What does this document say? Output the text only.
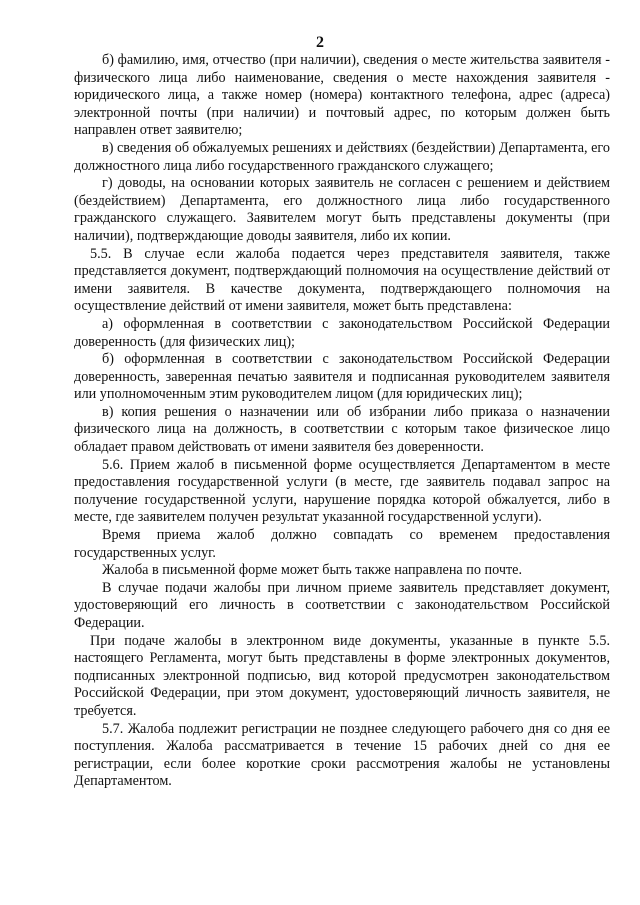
2

б) фамилию, имя, отчество (при наличии), сведения о месте жительства заявителя - физического лица либо наименование, сведения о месте нахождения заявителя - юридического лица, а также номер (номера) контактного телефона, адрес (адреса) электронной почты (при наличии) и почтовый адрес, по которым должен быть направлен ответ заявителю;

в) сведения об обжалуемых решениях и действиях (бездействии) Департамента, его должностного лица либо государственного гражданского служащего;

г) доводы, на основании которых заявитель не согласен с решением и действием (бездействием) Департамента, его должностного лица либо государственного гражданского служащего. Заявителем могут быть представлены документы (при наличии), подтверждающие доводы заявителя, либо их копии.

5.5. В случае если жалоба подается через представителя заявителя, также представляется документ, подтверждающий полномочия на осуществление действий от имени заявителя. В качестве документа, подтверждающего полномочия на осуществление действий от имени заявителя, может быть представлена:

а) оформленная в соответствии с законодательством Российской Федерации доверенность (для физических лиц);

б) оформленная в соответствии с законодательством Российской Федерации доверенность, заверенная печатью заявителя и подписанная руководителем заявителя или уполномоченным этим руководителем лицом (для юридических лиц);

в) копия решения о назначении или об избрании либо приказа о назначении физического лица на должность, в соответствии с которым такое физическое лицо обладает правом действовать от имени заявителя без доверенности.

5.6. Прием жалоб в письменной форме осуществляется Департаментом в месте предоставления государственной услуги (в месте, где заявитель подавал запрос на получение государственной услуги, нарушение порядка которой обжалуется, либо в месте, где заявителем получен результат указанной государственной услуги).

Время приема жалоб должно совпадать со временем предоставления государственных услуг.

Жалоба в письменной форме может быть также направлена по почте.

В случае подачи жалобы при личном приеме заявитель представляет документ, удостоверяющий его личность в соответствии с законодательством Российской Федерации.

При подаче жалобы в электронном виде документы, указанные в пункте 5.5. настоящего Регламента, могут быть представлены в форме электронных документов, подписанных электронной подписью, вид которой предусмотрен законодательством Российской Федерации, при этом документ, удостоверяющий личность заявителя, не требуется.

5.7. Жалоба подлежит регистрации не позднее следующего рабочего дня со дня ее поступления. Жалоба рассматривается в течение 15 рабочих дней со дня ее регистрации, если более короткие сроки рассмотрения жалобы не установлены Департаментом.
